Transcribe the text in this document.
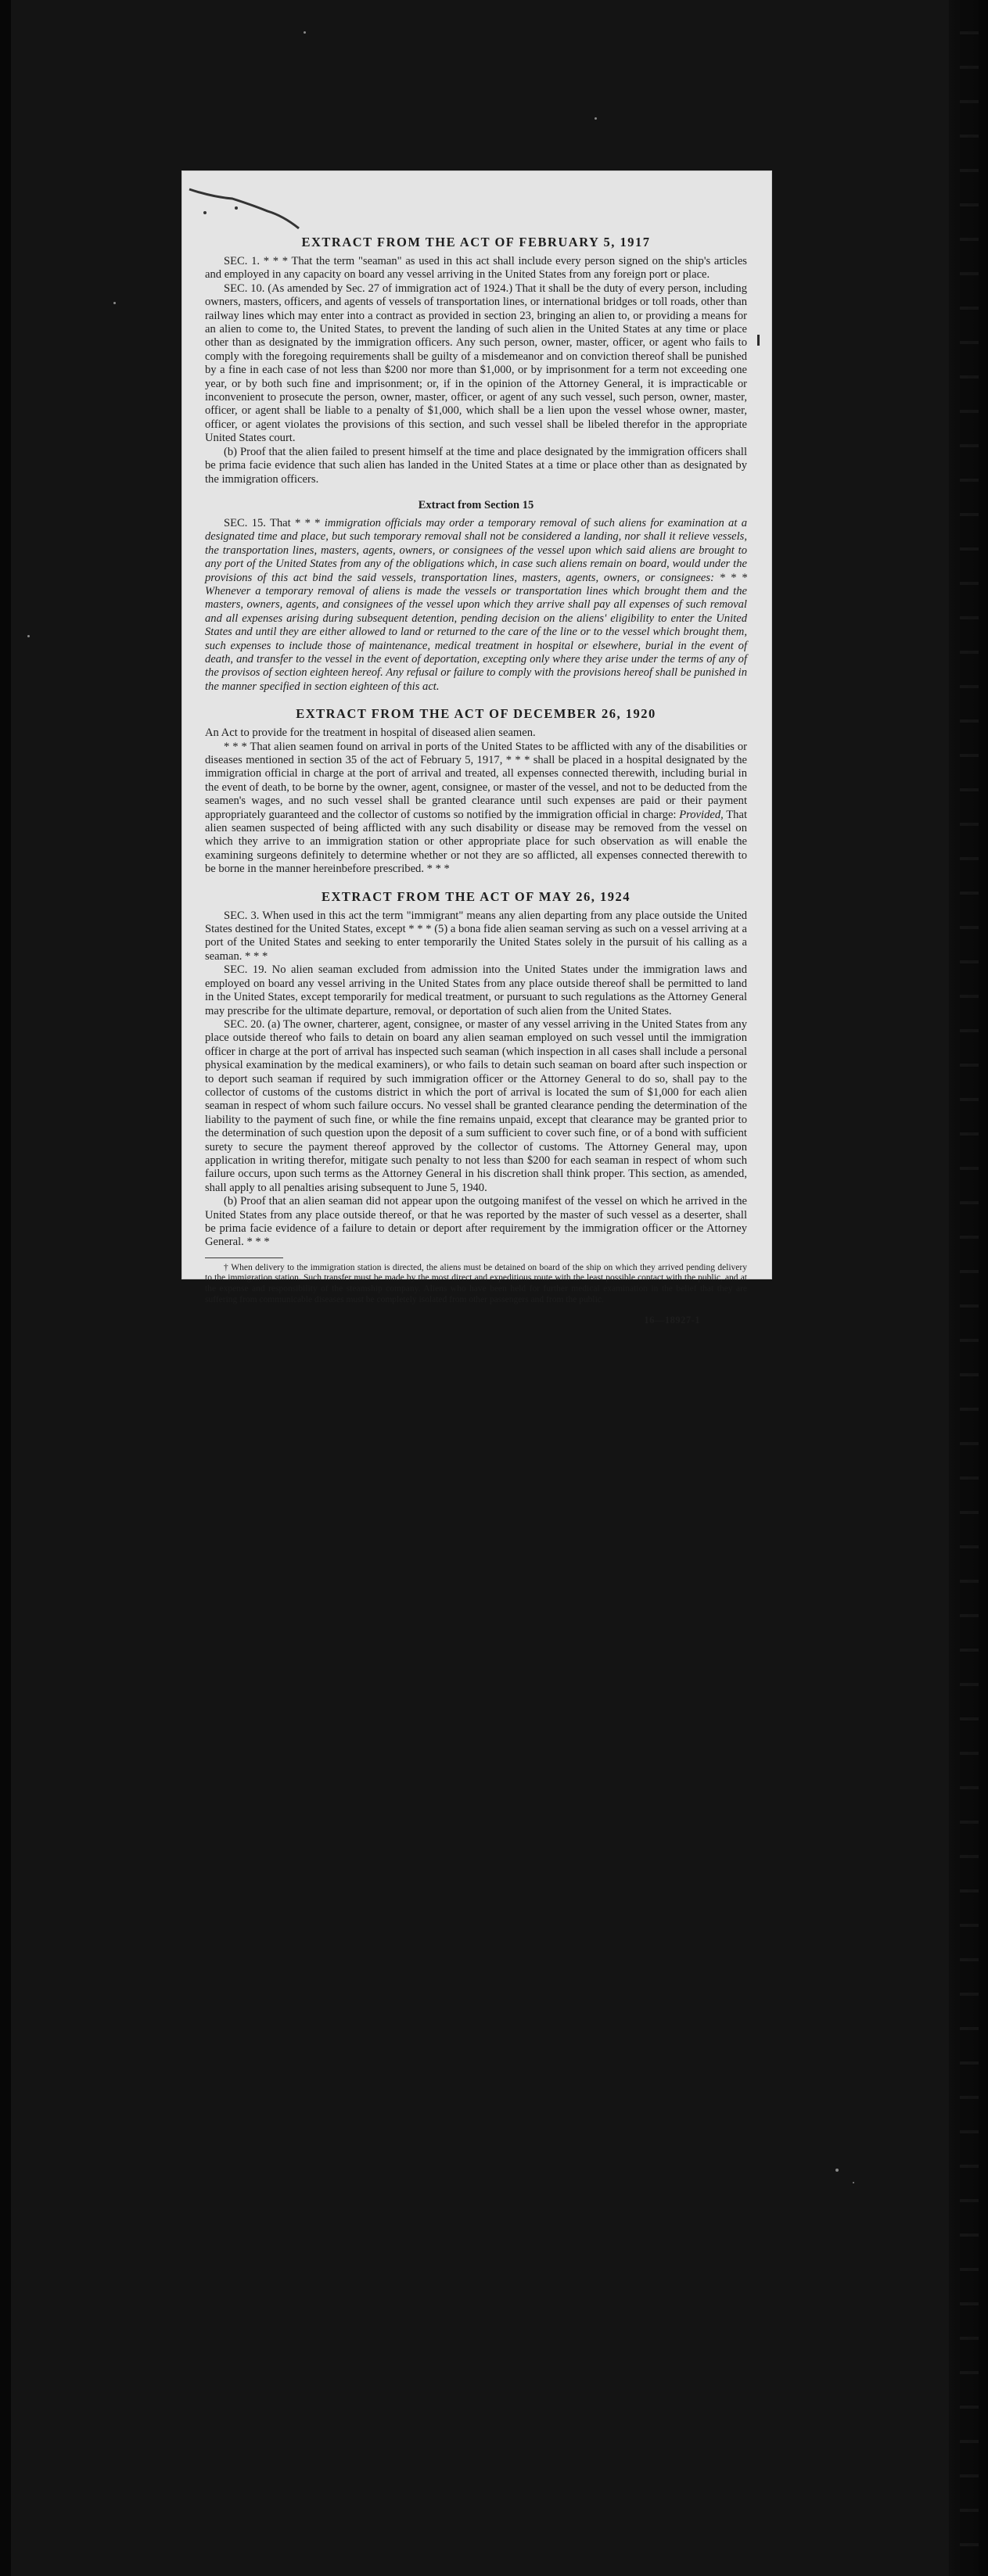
EXTRACT FROM THE ACT OF FEBRUARY 5, 1917

SEC. 1. * * * That the term "seaman" as used in this act shall include every person signed on the ship's articles and employed in any capacity on board any vessel arriving in the United States from any foreign port or place.

SEC. 10. (As amended by Sec. 27 of immigration act of 1924.) That it shall be the duty of every person, including owners, masters, officers, and agents of vessels of transportation lines, or international bridges or toll roads, other than railway lines which may enter into a contract as provided in section 23, bringing an alien to, or providing a means for an alien to come to, the United States, to prevent the landing of such alien in the United States at any time or place other than as designated by the immigration officers. Any such person, owner, master, officer, or agent who fails to comply with the foregoing requirements shall be guilty of a misdemeanor and on conviction thereof shall be punished by a fine in each case of not less than $200 nor more than $1,000, or by imprisonment for a term not exceeding one year, or by both such fine and imprisonment; or, if in the opinion of the Attorney General, it is impracticable or inconvenient to prosecute the person, owner, master, officer, or agent of any such vessel, such person, owner, master, officer, or agent shall be liable to a penalty of $1,000, which shall be a lien upon the vessel whose owner, master, officer, or agent violates the provisions of this section, and such vessel shall be libeled therefor in the appropriate United States court.

(b) Proof that the alien failed to present himself at the time and place designated by the immigration officers shall be prima facie evidence that such alien has landed in the United States at a time or place other than as designated by the immigration officers.

Extract from Section 15

SEC. 15. That * * * immigration officials may order a temporary removal of such aliens for examination at a designated time and place, but such temporary removal shall not be considered a landing, nor shall it relieve vessels, the transportation lines, masters, agents, owners, or consignees of the vessel upon which said aliens are brought to any port of the United States from any of the obligations which, in case such aliens remain on board, would under the provisions of this act bind the said vessels, transportation lines, masters, agents, owners, or consignees: * * * Whenever a temporary removal of aliens is made the vessels or transportation lines which brought them and the masters, owners, agents, and consignees of the vessel upon which they arrive shall pay all expenses of such removal and all expenses arising during subsequent detention, pending decision on the aliens' eligibility to enter the United States and until they are either allowed to land or returned to the care of the line or to the vessel which brought them, such expenses to include those of maintenance, medical treatment in hospital or elsewhere, burial in the event of death, and transfer to the vessel in the event of deportation, excepting only where they arise under the terms of any of the provisos of section eighteen hereof. Any refusal or failure to comply with the provisions hereof shall be punished in the manner specified in section eighteen of this act.

EXTRACT FROM THE ACT OF DECEMBER 26, 1920

An Act to provide for the treatment in hospital of diseased alien seamen.

* * * That alien seamen found on arrival in ports of the United States to be afflicted with any of the disabilities or diseases mentioned in section 35 of the act of February 5, 1917, * * * shall be placed in a hospital designated by the immigration official in charge at the port of arrival and treated, all expenses connected therewith, including burial in the event of death, to be borne by the owner, agent, consignee, or master of the vessel, and not to be deducted from the seamen's wages, and no such vessel shall be granted clearance until such expenses are paid or their payment appropriately guaranteed and the collector of customs so notified by the immigration official in charge: Provided, That alien seamen suspected of being afflicted with any such disability or disease may be removed from the vessel on which they arrive to an immigration station or other appropriate place for such observation as will enable the examining surgeons definitely to determine whether or not they are so afflicted, all expenses connected therewith to be borne in the manner hereinbefore prescribed. * * *

EXTRACT FROM THE ACT OF MAY 26, 1924

SEC. 3. When used in this act the term "immigrant" means any alien departing from any place outside the United States destined for the United States, except * * * (5) a bona fide alien seaman serving as such on a vessel arriving at a port of the United States and seeking to enter temporarily the United States solely in the pursuit of his calling as a seaman. * * *

SEC. 19. No alien seaman excluded from admission into the United States under the immigration laws and employed on board any vessel arriving in the United States from any place outside thereof shall be permitted to land in the United States, except temporarily for medical treatment, or pursuant to such regulations as the Attorney General may prescribe for the ultimate departure, removal, or deportation of such alien from the United States.

SEC. 20. (a) The owner, charterer, agent, consignee, or master of any vessel arriving in the United States from any place outside thereof who fails to detain on board any alien seaman employed on such vessel until the immigration officer in charge at the port of arrival has inspected such seaman (which inspection in all cases shall include a personal physical examination by the medical examiners), or who fails to detain such seaman on board after such inspection or to deport such seaman if required by such immigration officer or the Attorney General to do so, shall pay to the collector of customs of the customs district in which the port of arrival is located the sum of $1,000 for each alien seaman in respect of whom such failure occurs. No vessel shall be granted clearance pending the determination of the liability to the payment of such fine, or while the fine remains unpaid, except that clearance may be granted prior to the determination of such question upon the deposit of a sum sufficient to cover such fine, or of a bond with sufficient surety to secure the payment thereof approved by the collector of customs. The Attorney General may, upon application in writing therefor, mitigate such penalty to not less than $200 for each seaman in respect of whom such failure occurs, upon such terms as the Attorney General in his discretion shall think proper. This section, as amended, shall apply to all penalties arising subsequent to June 5, 1940.

(b) Proof that an alien seaman did not appear upon the outgoing manifest of the vessel on which he arrived in the United States from any place outside thereof, or that he was reported by the master of such vessel as a deserter, shall be prima facie evidence of a failure to detain or deport after requirement by the immigration officer or the Attorney General. * * *

† When delivery to the immigration station is directed, the aliens must be detained on board of the ship on which they arrived pending delivery to the immigration station. Such transfer must be made by the most direct and expeditious route with the least possible contact with the public, and at the expense and responsibility of the steamship company. Aliens who have been held for further medical examination in the belief that they are suffering from communicable diseases must be completely isolated from other passengers and from the public.

16—18927-1
